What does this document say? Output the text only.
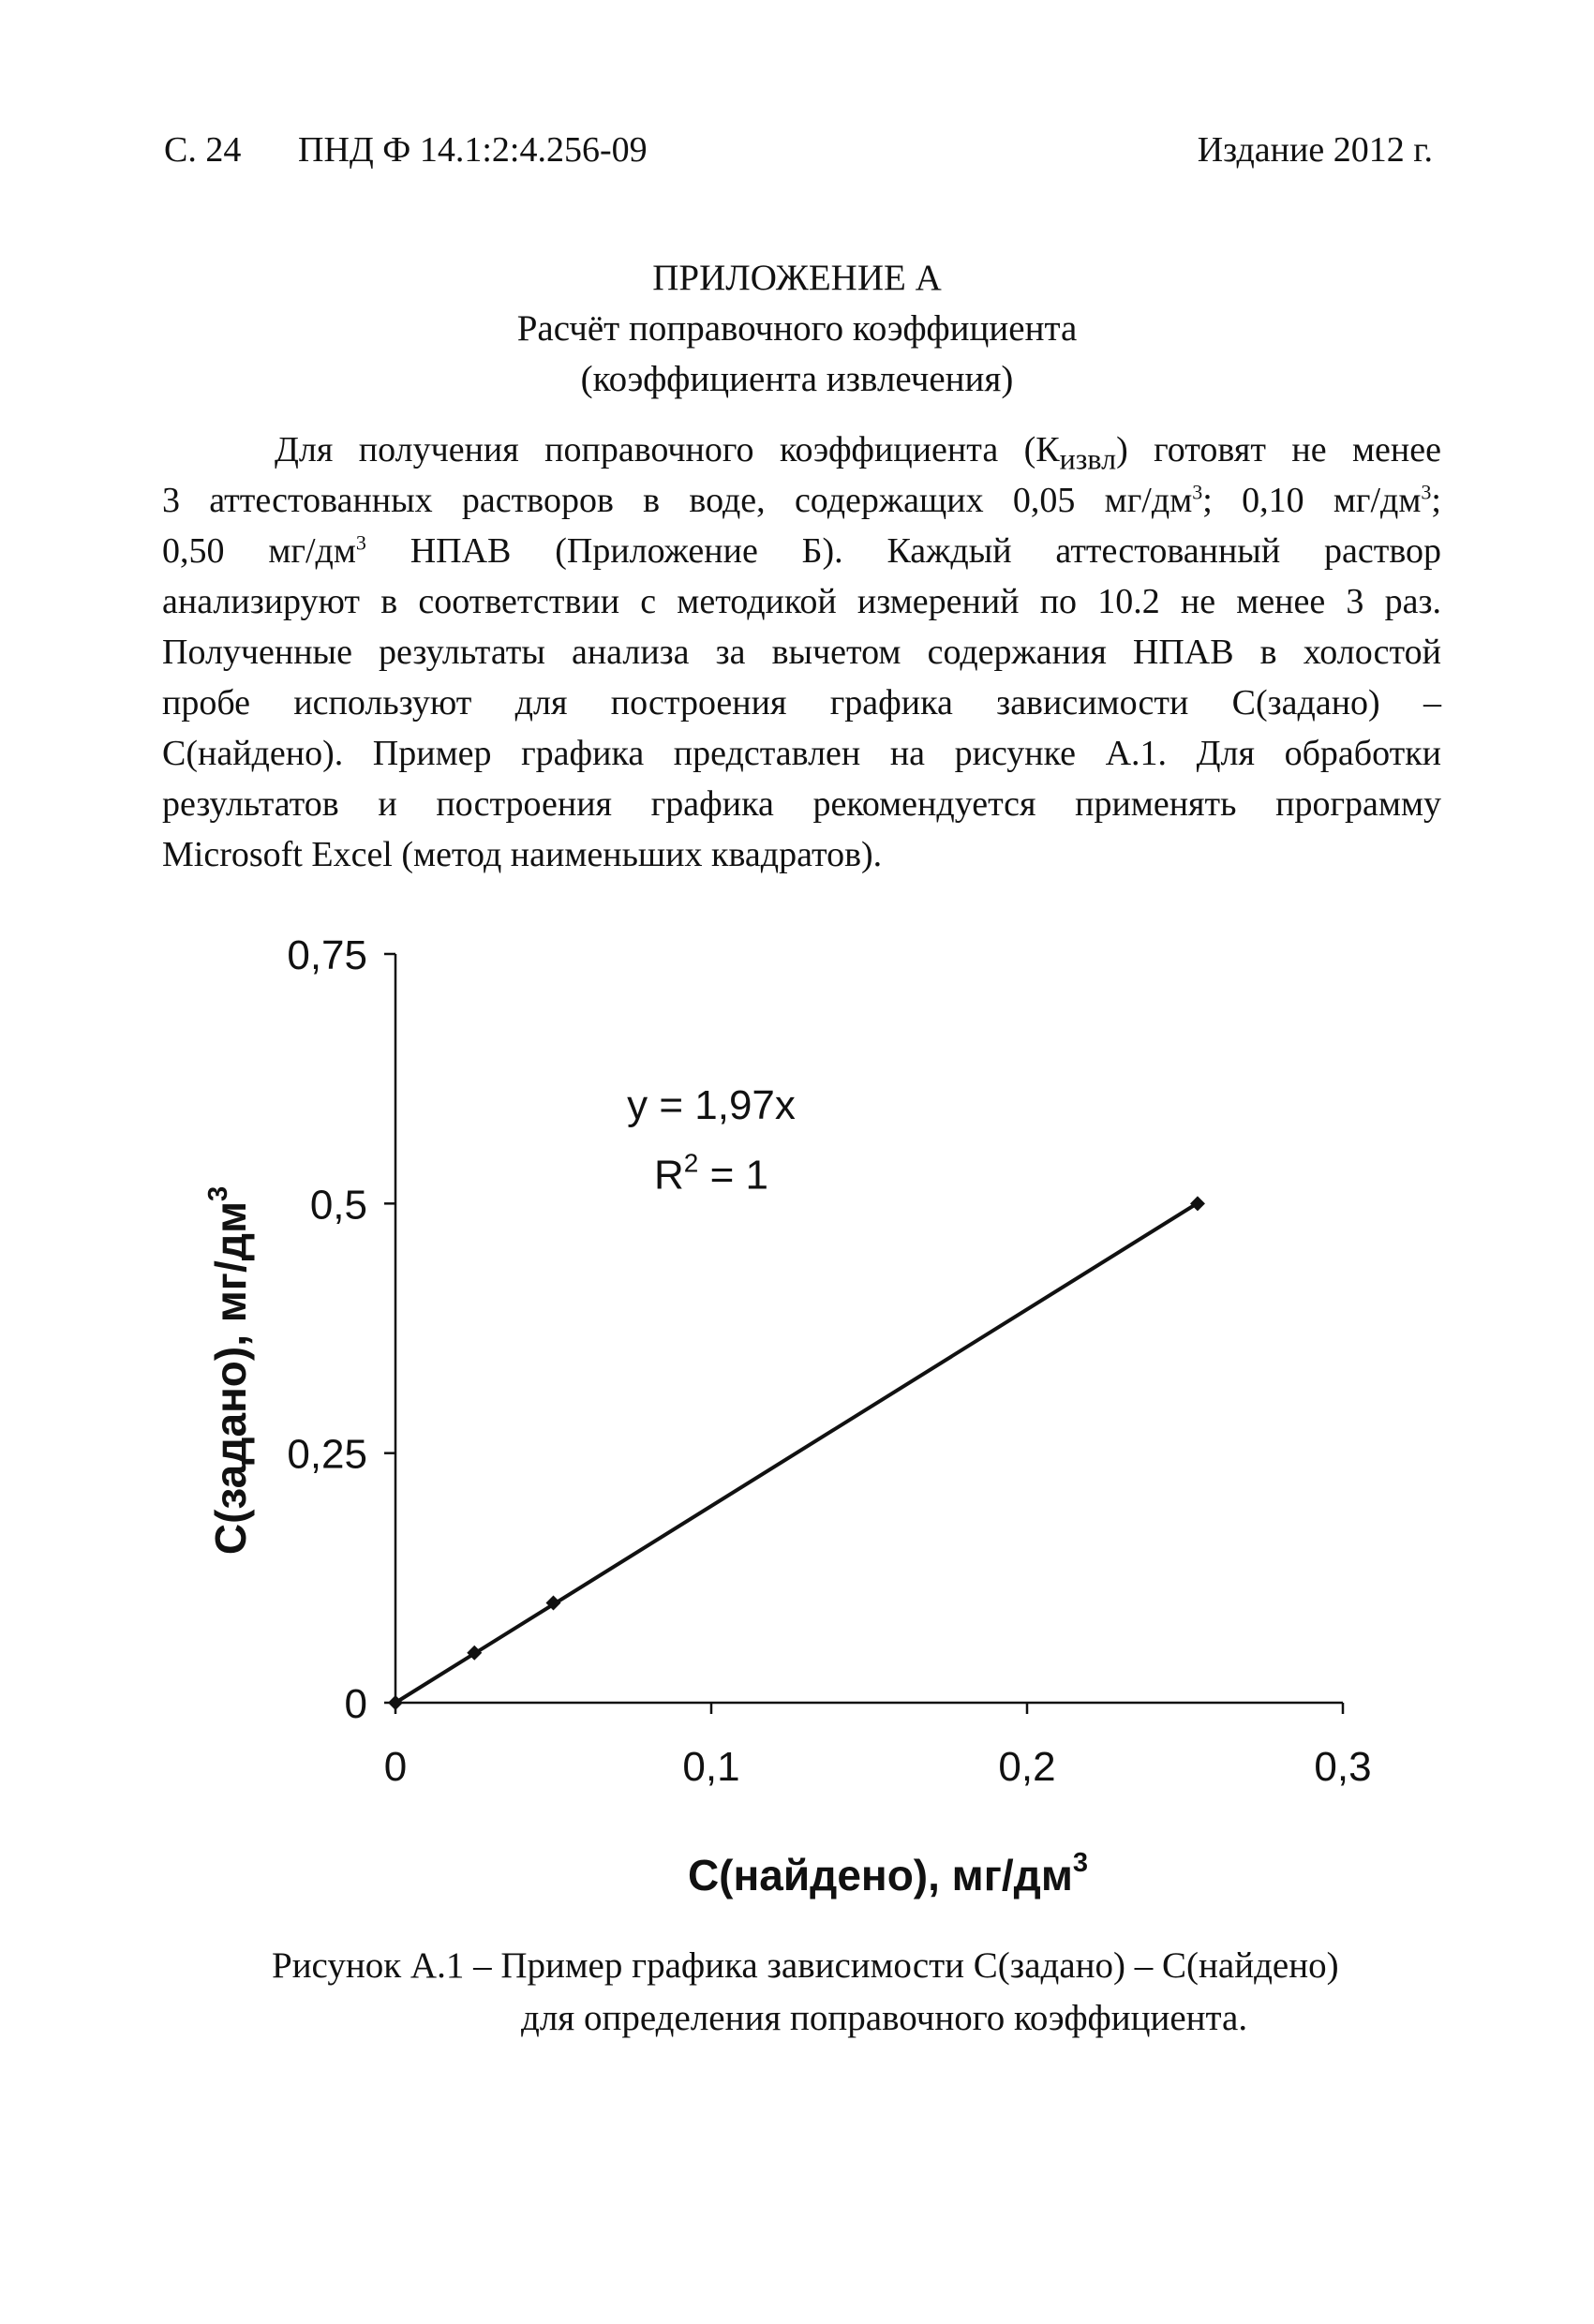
С. 24 ПНД Ф 14.1:2:4.256-09	Издание 2012 г.
ПРИЛОЖЕНИЕ А
Расчёт поправочного коэффициента
(коэффициента извлечения)
Для получения поправочного коэффициента $(К_{извл})$ готовят не менее
3 аттестованных растворов в воде, содержащих 0,05 $мг/дм^3$; 0,10 $мг/дм^3$;
0,50 $мг/дм^3$ НПАВ (Приложение Б). Каждый аттестованный раствор
анализируют в соответствии с методикой измерений по 10.2 не менее 3 раз.
Полученные результаты анализа за вычетом содержания НПАВ в холостой
пробе используют для построения графика зависимости С(задано) –
С(найдено). Пример графика представлен на рисунке А.1. Для обработки
результатов и построения графика рекомендуется применять программу
Microsoft Excel (метод наименьших квадратов).
0
0,25
0,5
0,75
0	0,1	0,2	0,3
y = 1,97x
$R^2 = 1$
С(найдено), $мг/дм^3$
С(задано), $мг/дм^3$
Рисунок А.1 – Пример графика зависимости С(задано) – С(найдено)
для определения поправочного коэффициента.
